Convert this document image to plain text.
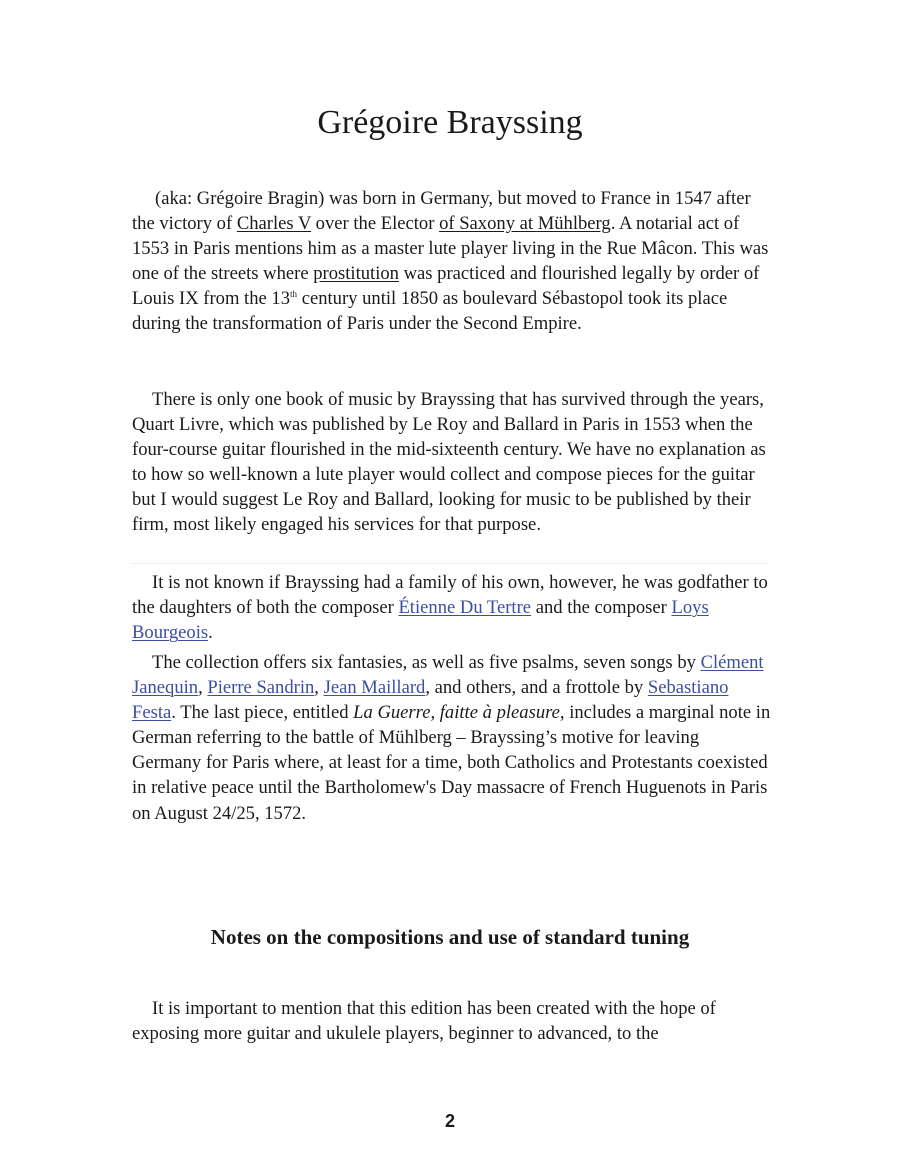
Grégoire Brayssing

(aka: Grégoire Bragin) was born in Germany, but moved to France in 1547 after the victory of Charles V over the Elector of Saxony at Mühlberg. A notarial act of 1553 in Paris mentions him as a master lute player living in the Rue Mâcon. This was one of the streets where prostitution was practiced and flourished legally by order of Louis IX from the 13th century until 1850 as boulevard Sébastopol took its place during the transformation of Paris under the Second Empire.

There is only one book of music by Brayssing that has survived through the years, Quart Livre, which was published by Le Roy and Ballard in Paris in 1553 when the four-course guitar flourished in the mid-sixteenth century. We have no explanation as to how so well-known a lute player would collect and compose pieces for the guitar but I would suggest Le Roy and Ballard, looking for music to be published by their firm, most likely engaged his services for that purpose.

It is not known if Brayssing had a family of his own, however, he was godfather to the daughters of both the composer Étienne Du Tertre and the composer Loys Bourgeois.

The collection offers six fantasies, as well as five psalms, seven songs by Clément Janequin, Pierre Sandrin, Jean Maillard, and others, and a frottole by Sebastiano Festa. The last piece, entitled La Guerre, faitte à pleasure, includes a marginal note in German referring to the battle of Mühlberg – Brayssing’s motive for leaving Germany for Paris where, at least for a time, both Catholics and Protestants coexisted in relative peace until the Bartholomew's Day massacre of French Huguenots in Paris on August 24/25, 1572.

Notes on the compositions and use of standard tuning

It is important to mention that this edition has been created with the hope of exposing more guitar and ukulele players, beginner to advanced, to the

2
